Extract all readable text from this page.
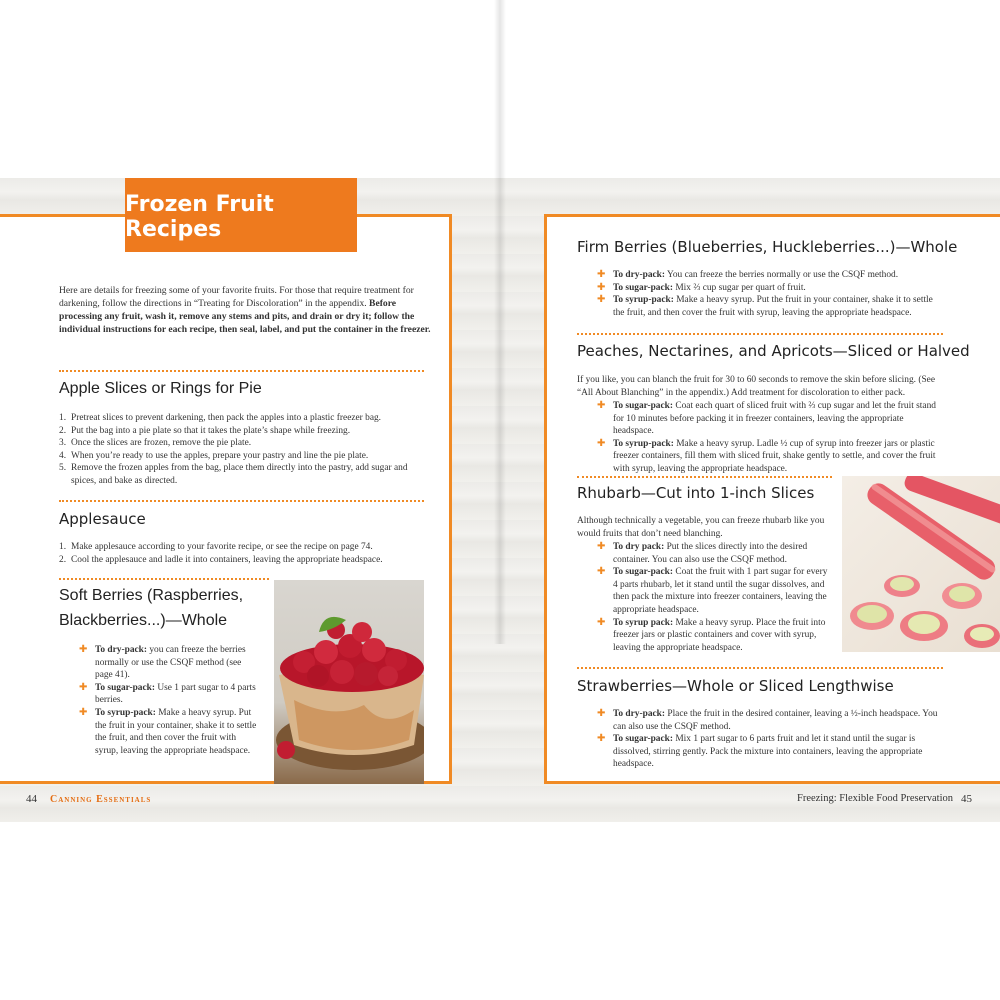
Frozen Fruit Recipes
Here are details for freezing some of your favorite fruits. For those that require treatment for darkening, follow the directions in “Treating for Discoloration” in the appendix. Before processing any fruit, wash it, remove any stems and pits, and drain or dry it; follow the individual instructions for each recipe, then seal, label, and put the container in the freezer.
Apple Slices or Rings for Pie
1. Pretreat slices to prevent darkening, then pack the apples into a plastic freezer bag.
2. Put the bag into a pie plate so that it takes the plate’s shape while freezing.
3. Once the slices are frozen, remove the pie plate.
4. When you’re ready to use the apples, prepare your pastry and line the pie plate.
5. Remove the frozen apples from the bag, place them directly into the pastry, add sugar and spices, and bake as directed.
Applesauce
1. Make applesauce according to your favorite recipe, or see the recipe on page 74.
2. Cool the applesauce and ladle it into containers, leaving the appropriate headspace.
Soft Berries (Raspberries,
Blackberries...)—Whole
✚ To dry-pack: you can freeze the berries normally or use the CSQF method (see page 41).
✚ To sugar-pack: Use 1 part sugar to 4 parts berries.
✚ To syrup-pack: Make a heavy syrup. Put the fruit in your container, shake it to settle the fruit, and then cover the fruit with syrup, leaving the appropriate headspace.
44 Canning Essentials
Firm Berries (Blueberries, Huckleberries...)—Whole
✚ To dry-pack: You can freeze the berries normally or use the CSQF method.
✚ To sugar-pack: Mix ⅔ cup sugar per quart of fruit.
✚ To syrup-pack: Make a heavy syrup. Put the fruit in your container, shake it to settle the fruit, and then cover the fruit with syrup, leaving the appropriate headspace.
Peaches, Nectarines, and Apricots—Sliced or Halved
If you like, you can blanch the fruit for 30 to 60 seconds to remove the skin before slicing. (See “All About Blanching” in the appendix.) Add treatment for discoloration to either pack.
✚ To sugar-pack: Coat each quart of sliced fruit with ⅔ cup sugar and let the fruit stand for 10 minutes before packing it in freezer containers, leaving the appropriate headspace.
✚ To syrup-pack: Make a heavy syrup. Ladle ½ cup of syrup into freezer jars or plastic freezer containers, fill them with sliced fruit, shake gently to settle, and cover the fruit with syrup, leaving the appropriate headspace.
Rhubarb—Cut into 1-inch Slices
Although technically a vegetable, you can freeze rhubarb like you would fruits that don’t need blanching.
✚ To dry pack: Put the slices directly into the desired container. You can also use the CSQF method.
✚ To sugar-pack: Coat the fruit with 1 part sugar for every 4 parts rhubarb, let it stand until the sugar dissolves, and then pack the mixture into freezer containers, leaving the appropriate headspace.
✚ To syrup pack: Make a heavy syrup. Place the fruit into freezer jars or plastic containers and cover with syrup, leaving the appropriate headspace.
Strawberries—Whole or Sliced Lengthwise
✚ To dry-pack: Place the fruit in the desired container, leaving a ½-inch headspace. You can also use the CSQF method.
✚ To sugar-pack: Mix 1 part sugar to 6 parts fruit and let it stand until the sugar is dissolved, stirring gently. Pack the mixture into containers, leaving the appropriate headspace.
Freezing: Flexible Food Preservation 45
